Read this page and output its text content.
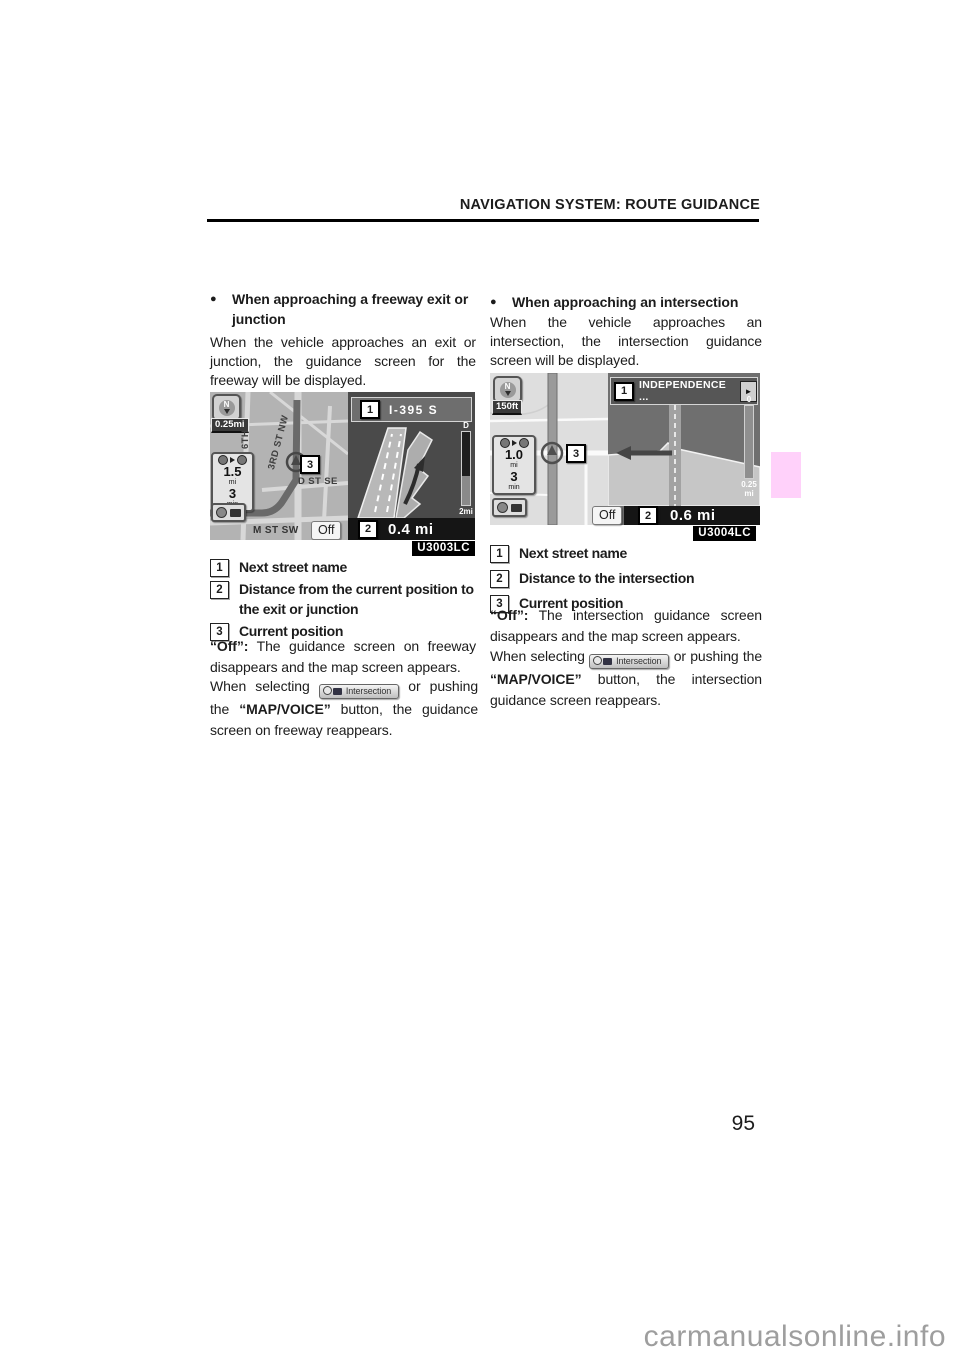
NAVIGATION SYSTEM: ROUTE GUIDANCE
●	When approaching a freeway exit or junction
When the vehicle approaches an exit or junction, the guidance screen for the freeway will be displayed.
N
0.25mi
6TH 3RD ST NW
D ST SE
M ST SW
1.5
mi
3
3
Off
1	I-395 S
D
2mi
2	0.4 mi
U3003LC
1	Next street name
2	Distance from the current position to the exit or junction
3	Current position
“Off”: The guidance screen on freeway disappears and the map screen appears.
When selecting	Intersection or pushing the “MAP/VOICE” button, the guidance screen on freeway reappears.
●	When approaching an intersection
When the vehicle approaches an intersection, the intersection guidance screen will be displayed.
N
150ft
1.0
mi
3
min
3
Off
1	INDEPENDENCE ...	►
0
0.25
mi
2	0.6 mi
U3004LC
1	Next street name
2	Distance to the intersection
3	Current position
“Off”: The intersection guidance screen disappears and the map screen appears.
When selecting	Intersection or pushing the “MAP/VOICE” button, the intersection guidance screen reappears.
95
carmanualsonline.info
